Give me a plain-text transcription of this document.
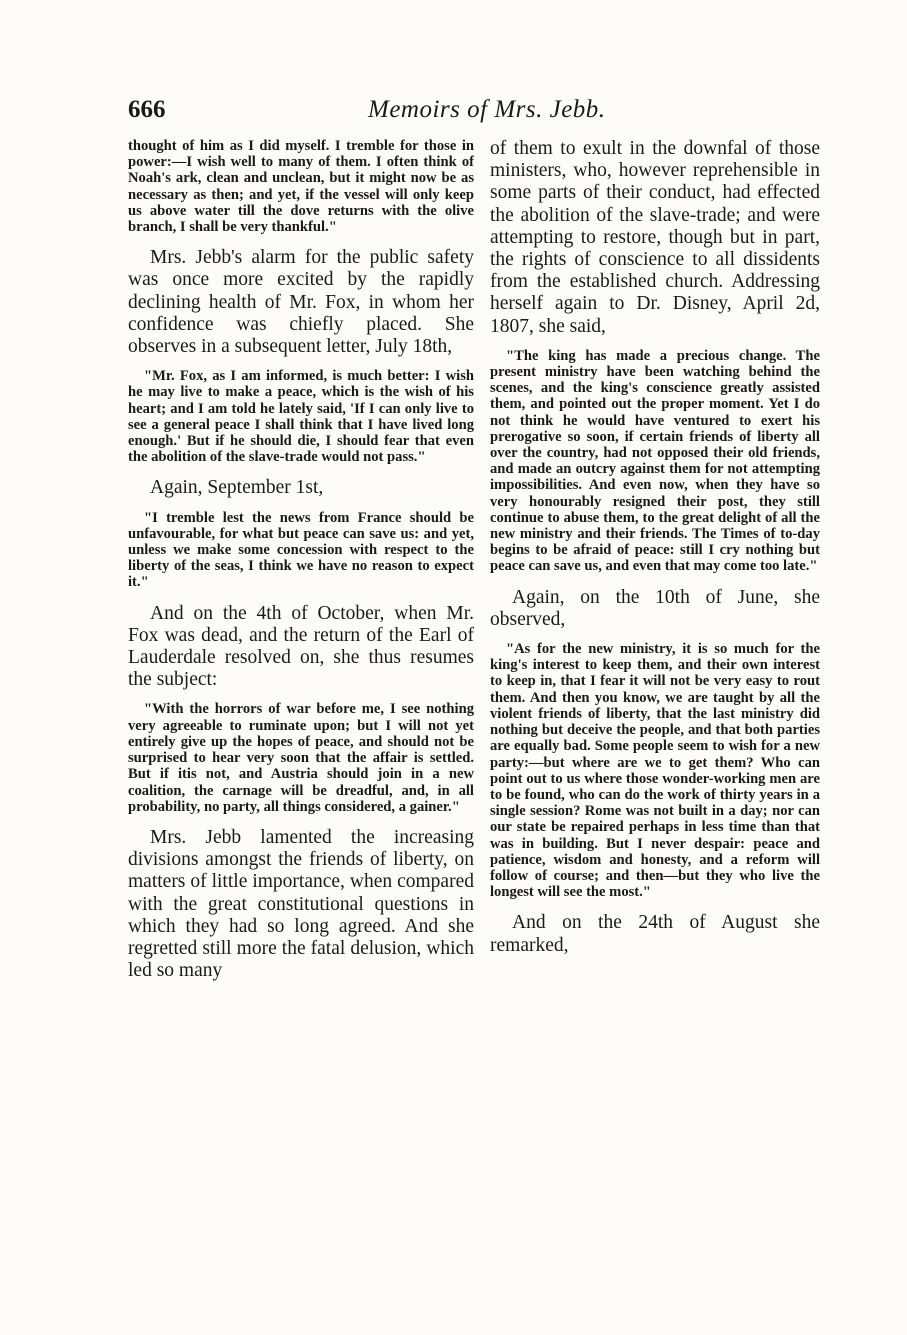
666	Memoirs of Mrs. Jebb.

thought of him as I did myself. I tremble for those in power:—I wish well to many of them. I often think of Noah's ark, clean and unclean, but it might now be as necessary as then; and yet, if the vessel will only keep us above water till the dove returns with the olive branch, I shall be very thankful."

Mrs. Jebb's alarm for the public safety was once more excited by the rapidly declining health of Mr. Fox, in whom her confidence was chiefly placed. She observes in a subsequent letter, July 18th,

"Mr. Fox, as I am informed, is much better: I wish he may live to make a peace, which is the wish of his heart; and I am told he lately said, 'If I can only live to see a general peace I shall think that I have lived long enough.' But if he should die, I should fear that even the abolition of the slave-trade would not pass."

Again, September 1st,

"I tremble lest the news from France should be unfavourable, for what but peace can save us: and yet, unless we make some concession with respect to the liberty of the seas, I think we have no reason to expect it."

And on the 4th of October, when Mr. Fox was dead, and the return of the Earl of Lauderdale resolved on, she thus resumes the subject:

"With the horrors of war before me, I see nothing very agreeable to ruminate upon; but I will not yet entirely give up the hopes of peace, and should not be surprised to hear very soon that the affair is settled. But if itis not, and Austria should join in a new coalition, the carnage will be dreadful, and, in all probability, no party, all things considered, a gainer."

Mrs. Jebb lamented the increasing divisions amongst the friends of liberty, on matters of little importance, when compared with the great constitutional questions in which they had so long agreed. And she regretted still more the fatal delusion, which led so many

of them to exult in the downfal of those ministers, who, however reprehensible in some parts of their conduct, had effected the abolition of the slave-trade; and were attempting to restore, though but in part, the rights of conscience to all dissidents from the established church. Addressing herself again to Dr. Disney, April 2d, 1807, she said,

"The king has made a precious change. The present ministry have been watching behind the scenes, and the king's conscience greatly assisted them, and pointed out the proper moment. Yet I do not think he would have ventured to exert his prerogative so soon, if certain friends of liberty all over the country, had not opposed their old friends, and made an outcry against them for not attempting impossibilities. And even now, when they have so very honourably resigned their post, they still continue to abuse them, to the great delight of all the new ministry and their friends. The Times of to-day begins to be afraid of peace: still I cry nothing but peace can save us, and even that may come too late."

Again, on the 10th of June, she observed,

"As for the new ministry, it is so much for the king's interest to keep them, and their own interest to keep in, that I fear it will not be very easy to rout them. And then you know, we are taught by all the violent friends of liberty, that the last ministry did nothing but deceive the people, and that both parties are equally bad. Some people seem to wish for a new party:—but where are we to get them? Who can point out to us where those wonder-working men are to be found, who can do the work of thirty years in a single session? Rome was not built in a day; nor can our state be repaired perhaps in less time than that was in building. But I never despair: peace and patience, wisdom and honesty, and a reform will follow of course; and then—but they who live the longest will see the most."

And on the 24th of August she remarked,
